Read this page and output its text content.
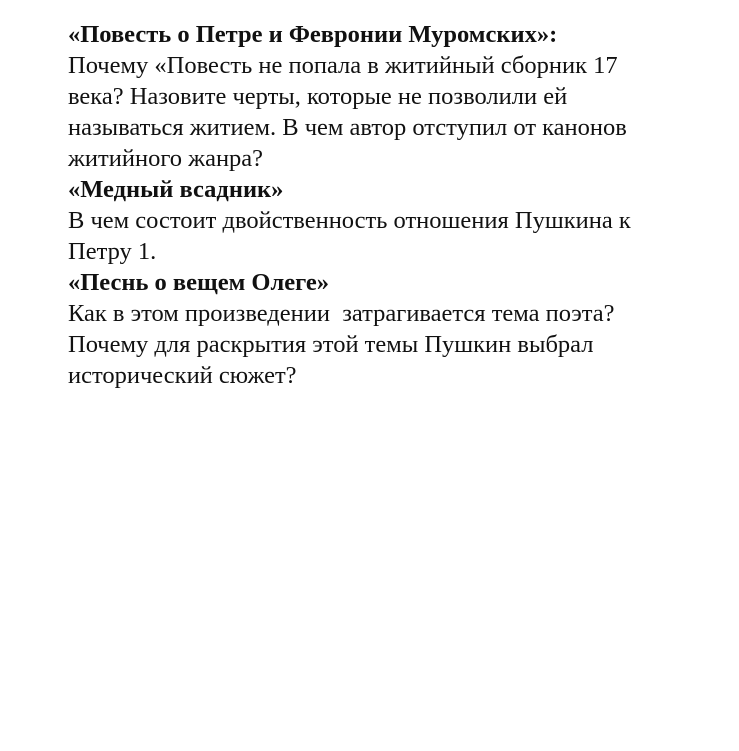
«Повесть о Петре и Февронии Муромских»:

Почему «Повесть не попала в житийный сборник 17
века? Назовите черты, которые не позволили ей
называться житием. В чем автор отступил от канонов
житийного жанра?

«Медный всадник»

В чем состоит двойственность отношения Пушкина к
Петру 1.

«Песнь о вещем Олеге»

Как в этом произведении  затрагивается тема поэта?
Почему для раскрытия этой темы Пушкин выбрал
исторический сюжет?
